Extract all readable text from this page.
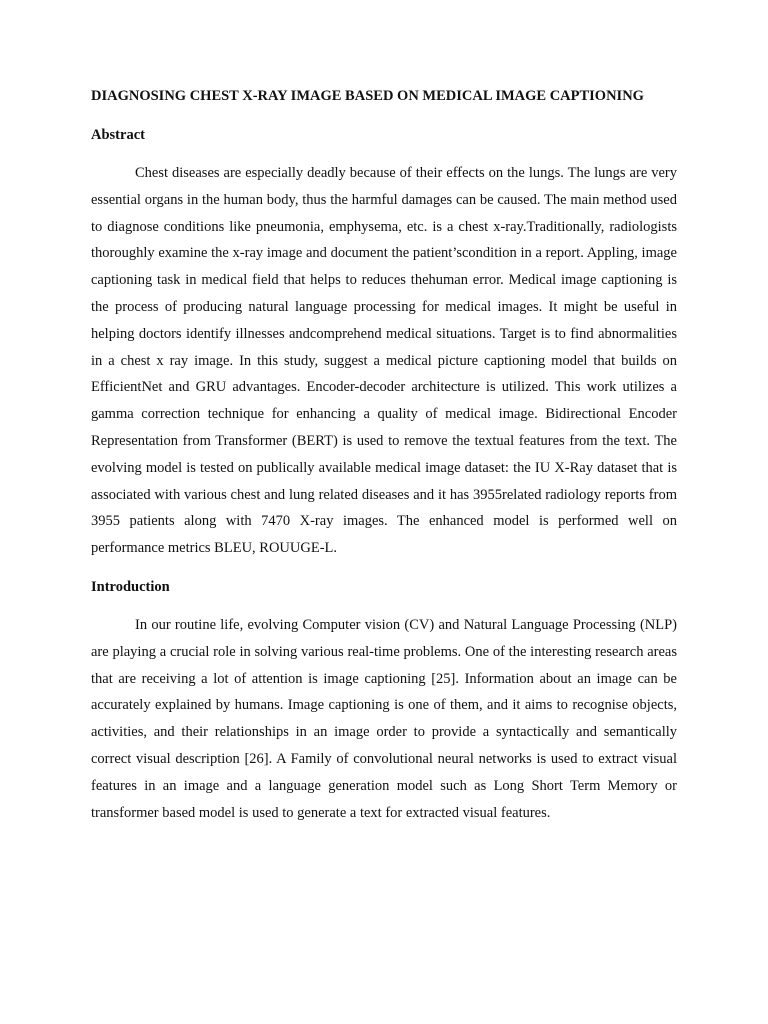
DIAGNOSING CHEST X-RAY IMAGE BASED ON MEDICAL IMAGE CAPTIONING
Abstract

Chest diseases are especially deadly because of their effects on the lungs. The lungs are very essential organs in the human body, thus the harmful damages can be caused. The main method used to diagnose conditions like pneumonia, emphysema, etc. is a chest x-ray.Traditionally, radiologists thoroughly examine the x-ray image and document the patient’scondition in a report. Appling, image captioning task in medical field that helps to reduces thehuman error. Medical image captioning is the process of producing natural language processing for medical images. It might be useful in helping doctors identify illnesses andcomprehend medical situations. Target is to find abnormalities in a chest x ray image. In this study, suggest a medical picture captioning model that builds on EfficientNet and GRU advantages. Encoder-decoder architecture is utilized. This work utilizes a gamma correction technique for enhancing a quality of medical image. Bidirectional Encoder Representation from Transformer (BERT) is used to remove the textual features from the text. The evolving model is tested on publically available medical image dataset: the IU X-Ray dataset that is associated with various chest and lung related diseases and it has 3955related radiology reports from 3955 patients along with 7470 X-ray images. The enhanced model is performed well on performance metrics BLEU, ROUUGE-L.

Introduction

In our routine life, evolving Computer vision (CV) and Natural Language Processing (NLP) are playing a crucial role in solving various real-time problems. One of the interesting research areas that are receiving a lot of attention is image captioning [25]. Information about an image can be accurately explained by humans. Image captioning is one of them, and it aims to recognise objects, activities, and their relationships in an image order to provide a syntactically and semantically correct visual description [26]. A Family of convolutional neural networks is used to extract visual features in an image and a language generation model such as Long Short Term Memory or transformer based model is used to generate a text for extracted visual features.
